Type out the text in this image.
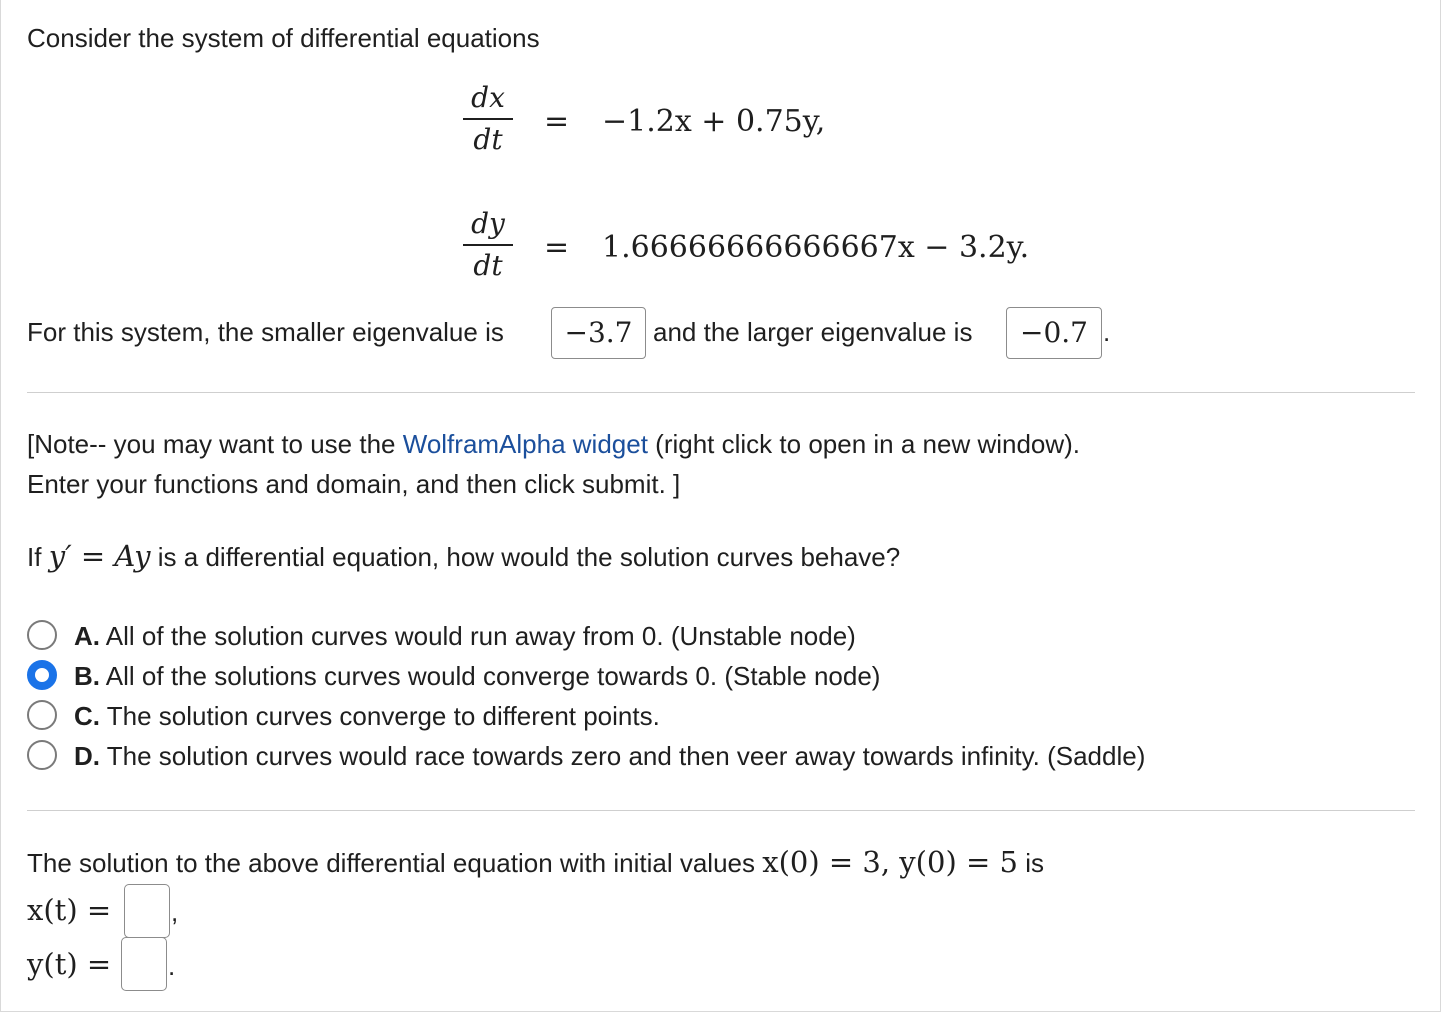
Consider the system of differential equations
dx
dt
= −1.2x + 0.75y,
dy
dt
= 1.66666666666667x − 3.2y.
For this system, the smaller eigenvalue is	−3.7 and the larger eigenvalue is	−0.7 .
[Note-- you may want to use the WolframAlpha widget (right click to open in a new window).
Enter your functions and domain, and then click submit. ]
If y′ = Ay is a differential equation, how would the solution curves behave?
A. All of the solution curves would run away from 0. (Unstable node)
B. All of the solutions curves would converge towards 0. (Stable node)
C. The solution curves converge to different points.
D. The solution curves would race towards zero and then veer away towards infinity. (Saddle)
The solution to the above differential equation with initial values x(0) = 3, y(0) = 5 is
x(t) = ,
y(t) = .
